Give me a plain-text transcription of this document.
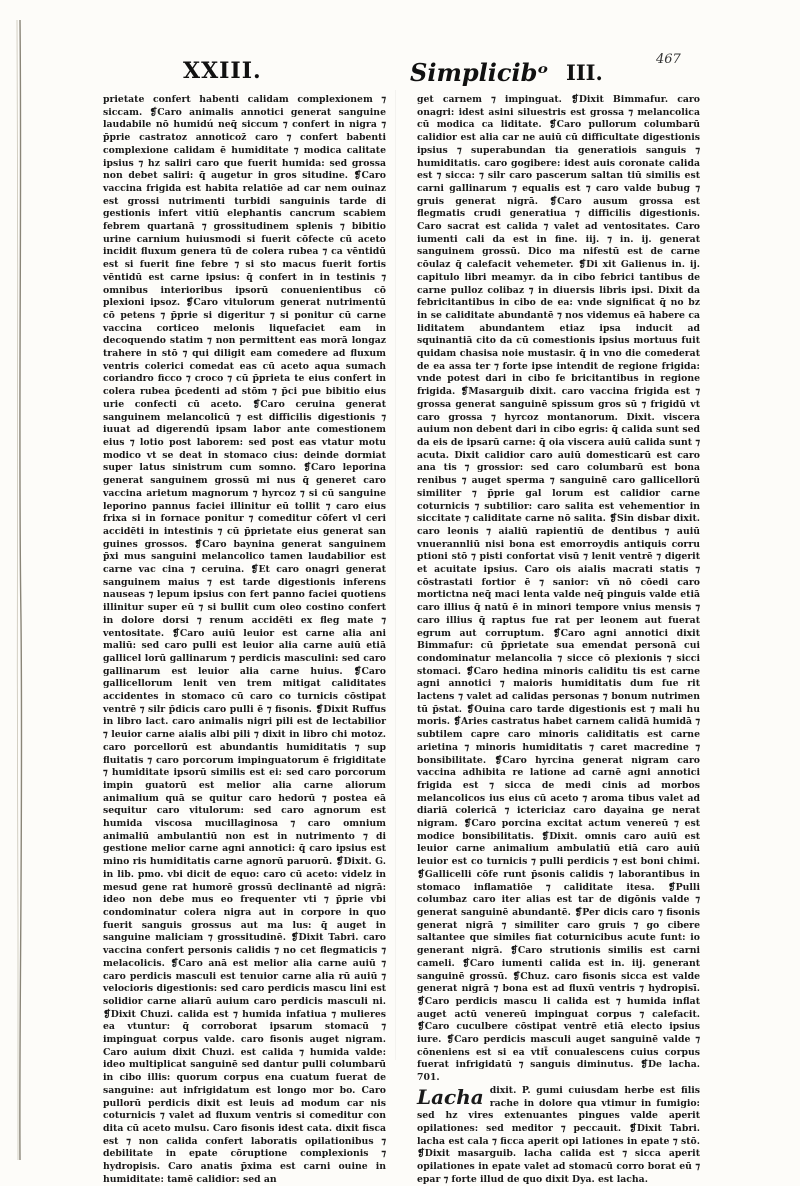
XXIII.	Simplicibᵒ III.
467

prietate confert habenti calidam complexionem ⁠⁊ siccam. ❡Caro animalis annotici generat sanguine laudabile nō humidú neq̄ siccum ⁊ confert in nigra ⁊ p̄prie castratoz annoticoz̄ caro ⁊ confert babenti complexione calidam ē humiditate ⁊ modica calitate ipsius ⁊ hz saliri caro que fuerit humida: sed grossa non debet saliri: q̄ augetur in gros situdine. ❡Caro vaccina frigida est habita relatiōe ad car nem ouinaz est grossi nutrimenti turbidi sanguinis tarde di gestionis infert vitiū elephantis cancrum scabiem febrem quartanā ⁊ grossitudinem splenis ⁊ bibitio urine carnium huiusmodi si fuerit cōfecte cū aceto incidit fluxum genera tū de colera rubea ⁊ ca vēntidū est si fuerit fine febre ⁊ si sto macus fuerit fortis vēntidū est carne ipsius: q̄ confert in in testinis ⁊ omnibus interioribus ipsorū conuenientibus cō plexioni ipsoz. ❡Caro vitulorum generat nutrimentū cō petens ⁊ p̄prie si digeritur ⁊ si ponitur cū carne vaccina corticeo melonis liquefaciet eam in decoquendo statim ⁊ non permittent eas morā longaz trahere in stō ⁊ qui diligit eam comedere ad fluxum ventris colerici comedat eas cū aceto aqua sumach coriandro ficco ⁊ croco ⁊ cū p̄prieta te eius confert in colera rubea p̄cedenti ad stōm ⁊ p̄ci pue bibitio eius urie confecti cū aceto. ❡Caro ceruina generat sanguinem melancolicū ⁊ est difficilis digestionis ⁊ iuuat ad digerendū ipsam labor ante comestionem eius ⁊ lotio post laborem: sed post eas vtatur motu modico vt se deat in stomaco cius: deinde dormiat super latus sinistrum cum somno. ❡Caro leporina generat sanguinem grossū mi nus q̄ generet caro vaccina arietum magnorum ⁊ hyrcoz ⁊ si cū sanguine leporino pannus faciei illinitur eū tollit ⁊ caro eius frixa si in fornace ponitur ⁊ comeditur cōfert vl ceri accidēti in intestinis ⁊ cū p̄prietate eius generat san guines grossos. ❡Caro baynina generat sanguinem p̄xi mus sanguini melancolico tamen laudabilior est carne vac cina ⁊ ceruina. ❡Et caro onagri generat sanguinem maius ⁊ est tarde digestionis inferens nauseas ⁊ lepum ipsius con fert panno faciei quotiens illinitur super eū ⁊ si bullit cum oleo costino confert in dolore dorsi ⁊ renum accidēti ex fleg mate ⁊ ventositate. ❡Caro auiū leuior est carne alia ani maliū: sed caro pulli est leuior alia carne auiū etiā gallicel lorū gallinarum ⁊ perdicis masculini: sed caro gallinarum est leuior alia carne huius. ❡Caro gallicellorum lenit ven trem mitigat caliditates accidentes in stomaco cū caro co turnicis cōstipat ventrē ⁊ silr p̄dicis caro pulli ē ⁊ fisonis. ❡Dixit Ruffus in libro lact. caro animalis nigri pili est de lectabilior ⁊ leuior carne aialis albi pili ⁊ dixit in libro chi motoz. caro porcellorū est abundantis humiditatis ⁊ sup fluitatis ⁊ caro porcorum impinguatorum ē frigiditate ⁊ humiditate ipsorū similis est ei: sed caro porcorum impin guatorū est melior alia carne aliorum animalium quā se quitur caro hedorū ⁊ postea eā sequitur caro vitulorum: sed caro agnorum est humida viscosa mucillaginosa ⁊ caro omnium animaliū ambulantiū non est in nutrimento ⁊ di gestione melior carne agni annotici: q̄ caro ipsius est mino ris humiditatis carne agnorū paruorū. ❡Dixit. G. in lib. pmo. vbi dicit de equo: caro cū aceto: videlz in mesud gene rat humorē grossū declinantē ad nigrā: ideo non debe mus eo frequenter vti ⁊ p̄prie vbi condominatur colera nigra aut in corpore in quo fuerit sanguis grossus aut ma lus: q̄ auget in sanguine maliciam ⁊ grossitudinē. ❡Dixit Tabri. caro vaccina confert personis calidis ⁊ no cet flegmaticis ⁊ melacolicis. ❡Caro anā est melior alia carne auiū ⁊ caro perdicis masculi est tenuior carne alia rū auiū ⁊ velocioris digestionis: sed caro perdicis mascu lini est solidior carne aliarū auium caro perdicis masculi ni. ❡Dixit Chuzi. calida est ⁊ humida infatiua ⁊ mulieres ea vtuntur: q̄ corroborat ipsarum stomacū ⁊ impinguat corpus valde. caro fisonis auget nigram. Caro auium dixit Chuzi. est calida ⁊ humida valde: ideo multiplicat sanguinē sed dantur pulli columbarū in cibo illis: quorum corpus ena cuatum fuerat de sanguine: aut infrigidatum est longo mor bo. Caro pullorū perdicis dixit est leuis ad modum car nis coturnicis ⁊ valet ad fluxum ventris si comeditur con dita cū aceto mulsu. Caro fisonis idest cata. dixit fisca est ⁊ non calida confert laboratis opilationibus ⁊ debilitate in epate cōruptione complexionis ⁊ hydropisis. Caro anatis p̄xima est carni ouine in humiditate: tamē calidior: sed an

get carnem ⁊ impinguat. ❡Dixit Bimmafur. caro onagri: idest asini siluestris est grossa ⁊ melancolica cū modica ca liditate. ❡Caro pullorum columbarū calidior est alia car ne auiū cū difficultate digestionis ipsius ⁊ superabundan tia generatiois sanguis ⁊ humiditatis. caro gogibere: idest auis coronate calida est ⁊ sicca: ⁊ silr caro pascerum saltan tiū similis est carni gallinarum ⁊ equalis est ⁊ caro valde bubug ⁊ gruis generat nigrā. ❡Caro ausum grossa est flegmatis crudi generatiua ⁊ difficilis digestionis. Caro sacrat est calida ⁊ valet ad ventositates. Caro iumenti cali da est in fine. iij. ⁊ in. ij. generat sanguinem grossū. Dico ma nifestū est de carne cōulaz q̄ calefacit vehemeter. ❡Di xit Galienus in. ij. capitulo libri meamyr. da in cibo febrici tantibus de carne pulloz colibaz ⁊ in diuersis libris ipsi. Dixit da febricitantibus in cibo de ea: vnde significat q̄ no bz in se caliditate abundantē ⁊ nos videmus eā habere ca liditatem abundantem etiaz ipsa inducit ad squinantiā cito da cū comestionis ipsius mortuus fuit quidam chasisa noie mustasir. q̄ in vno die comederat de ea assa ter ⁊ forte ipse intendit de regione frigida: vnde potest dari in cibo fe bricitantibus in regione frigida. ❡Masarguib dixit. caro vaccina frigida est ⁊ grossa generat sanguinē spissum gros sū ⁊ frigidū vt caro grossa ⁊ hyrcoz montanorum. Dixit. viscera auium non debent dari in cibo egris: q̄ calida sunt sed da eis de ipsarū carne: q̄ oia viscera auiū calida sunt ⁊ acuta. Dixit calidior caro auiū domesticarū est caro ana tis ⁊ grossior: sed caro columbarū est bona renibus ⁊ auget sperma ⁊ sanguinē caro gallicellorū similiter ⁊ p̄prie gal lorum est calidior carne coturnicis ⁊ subtilior: caro salita est vehementior in siccitate ⁊ caliditate carne nō salita. ❡Sin disbar dixit. caro leonis ⁊ aialiū rapientiū de dentibus ⁊ auiū vnuerannliū nisi bona est emorroydis antiquis corru ptioni stō ⁊ pisti confortat visū ⁊ lenit ventrē ⁊ digerit et acuitate ipsius. Caro ois aialis macrati statis ⁊ cōstrastati fortior ē ⁊ sanior: vn̄ nō cōedi caro mortictna neq̄ maci lenta valde neq̄ pinguis valde etiā caro illius q̄ natū ē in minori tempore vnius mensis ⁊ caro illius q̄ raptus fue rat per leonem aut fuerat egrum aut corruptum. ❡Caro agni annotici dixit Bimmafur: cū p̄prietate sua emendat personā cui condominatur melancolia ⁊ sicce cō plexionis ⁊ sicci stomaci. ❡Caro hedina minoris caliditu tis est carne agni annotici ⁊ maioris humiditatis dum fue rit lactens ⁊ valet ad calidas personas ⁊ bonum nutrimen tū p̄stat. ❡Ouina caro tarde digestionis est ⁊ mali hu moris. ❡Aries castratus habet carnem calidā humidā ⁊ subtilem capre caro minoris caliditatis est carne arietina ⁊ minoris humiditatis ⁊ caret macredine ⁊ bonsibilitate. ❡Caro hyrcina generat nigram caro vaccina adhibita re latione ad carnē agni annotici frigida est ⁊ sicca de medi cinis ad morbos melancolicos ius eius cū aceto ⁊ aroma tibus valet ad diariā colericā ⁊ ictericiaz caro dayaina ge nerat nigram. ❡Caro porcina excitat actum venereū ⁊ est modice bonsibilitatis. ❡Dixit. omnis caro auiū est leuior carne animalium ambulatiū etiā caro auiū leuior est co turnicis ⁊ pulli perdicis ⁊ est boni chimi. ❡Gallicelli cōfe runt p̄sonis calidis ⁊ laborantibus in stomaco inflamatiōe ⁊ caliditate itesa. ❡Pulli columbaz caro iter alias est tar de digōnis valde ⁊ generat sanguinē abundantē. ❡Per dicis caro ⁊ fisonis generat nigrā ⁊ similiter caro gruis ⁊ go cibere saltantee que similes fiat coturnicibus acute funt: io generant nigrā. ❡Caro strutionis similis est carni cameli. ❡Caro iumenti calida est in. iij. generant sanguinē grossū. ❡Chuz. caro fisonis sicca est valde generat nigrā ⁊ bona est ad fluxū ventris ⁊ hydropisī. ❡Caro perdicis mascu li calida est ⁊ humida inflat auget actū venereū impinguat corpus ⁊ calefacit. ❡Caro cuculbere cōstipat ventrē etiā electo ipsius iure. ❡Caro perdicis masculi auget sanguinē valde ⁊ cōneniens est si ea vtit̄ conualescens cuius corpus fuerat infrigidatū ⁊ sanguis diminutus. ❡De lacha. 701.

Lacha dixit. P. gumi cuiusdam herbe est filis rache in dolore qua vtimur in fumigio: sed hz vires extenuantes pingues valde aperit opilationes: sed meditor ⁊ peccauit. ❡Dixit Tabri. lacha est cala ⁊ ficca aperit opi lationes in epate ⁊ stō. ❡Dixit masarguib. lacha calida est ⁊ sicca aperit opilationes in epate valet ad stomacū corro borat eū ⁊ epar ⁊ forte illud de quo dixit Dya. est lacha.
